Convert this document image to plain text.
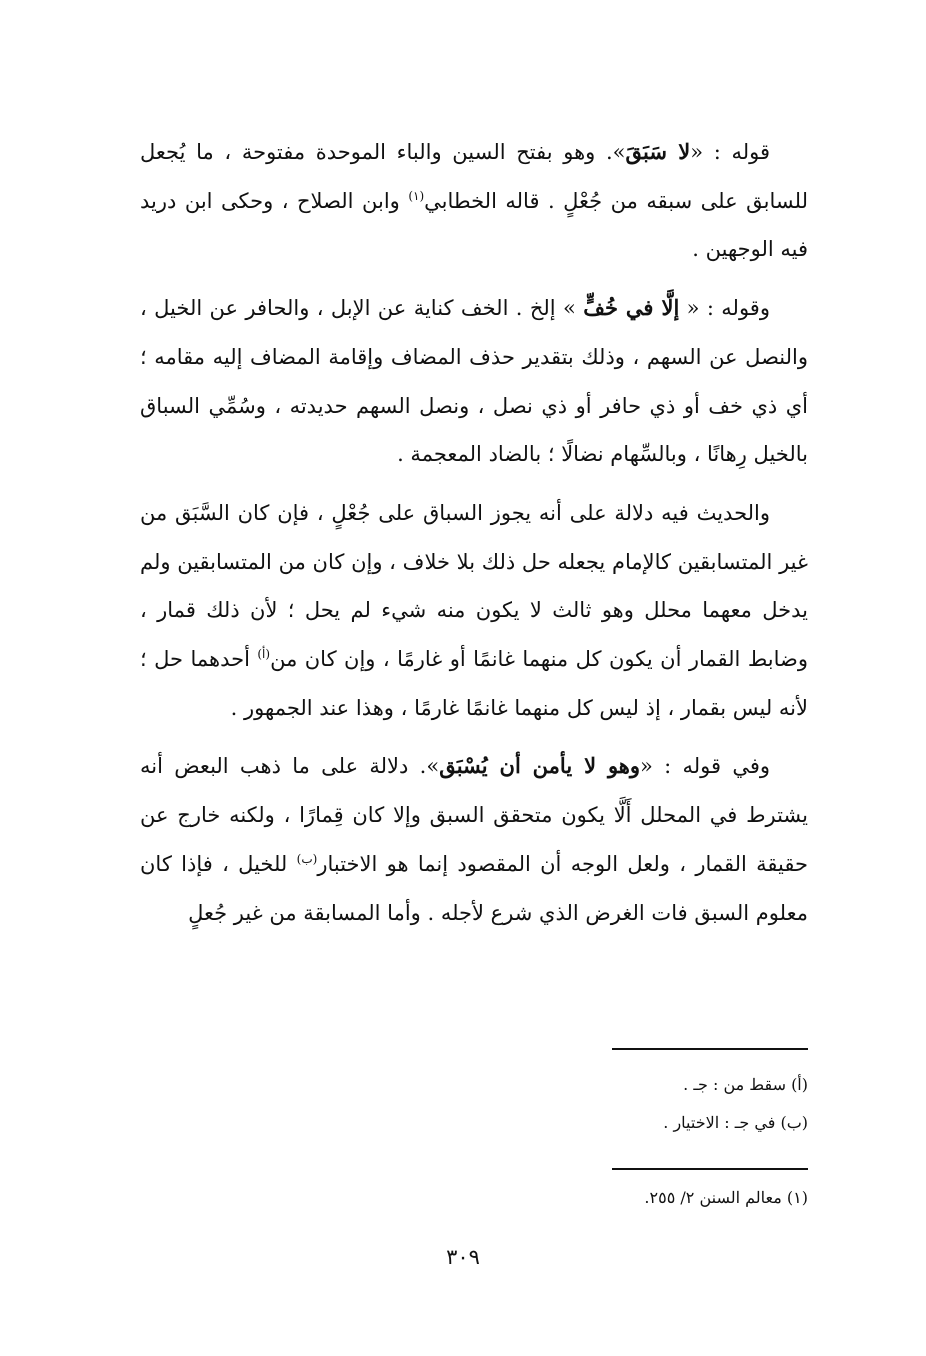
قوله : «لا سَبَقَ». وهو بفتح السين والباء الموحدة مفتوحة ، ما يُجعل للسابق على سبقه من جُعْلٍ . قاله الخطابي$^{(١)}$ وابن الصلاح ، وحكى ابن دريد فيه الوجهين .

وقوله : « إلَّا في خُفٍّ » إلخ . الخف كناية عن الإبل ، والحافر عن الخيل ، والنصل عن السهم ، وذلك بتقدير حذف المضاف وإقامة المضاف إليه مقامه ؛ أي ذي خف أو ذي حافر أو ذي نصل ، ونصل السهم حديدته ، وسُمِّي السباق بالخيل رِهانًا ، وبالسِّهام نضالًا ؛ بالضاد المعجمة .

والحديث فيه دلالة على أنه يجوز السباق على جُعْلٍ ، فإن كان السَّبَق من غير المتسابقين كالإمام يجعله حل ذلك بلا خلاف ، وإن كان من المتسابقين ولم يدخل معهما محلل وهو ثالث لا يكون منه شيء لم يحل ؛ لأن ذلك قمار ، وضابط القمار أن يكون كل منهما غانمًا أو غارمًا ، وإن كان من$^{(أ)}$ أحدهما حل ؛ لأنه ليس بقمار ، إذ ليس كل منهما غانمًا غارمًا ، وهذا عند الجمهور .

وفي قوله : «وهو لا يأمن أن يُسْبَق». دلالة على ما ذهب البعض أنه يشترط في المحلل أَلَّا يكون متحقق السبق وإلا كان قِمارًا ، ولكنه خارج عن حقيقة القمار ، ولعل الوجه أن المقصود إنما هو الاختبار$^{(ب)}$ للخيل ، فإذا كان معلوم السبق فات الغرض الذي شرع لأجله . وأما المسابقة من غير جُعلٍ

(أ) سقط من : جـ .
(ب) في جـ : الاختيار .
(١) معالم السنن ٢/ ٢٥٥.
٣٠٩
